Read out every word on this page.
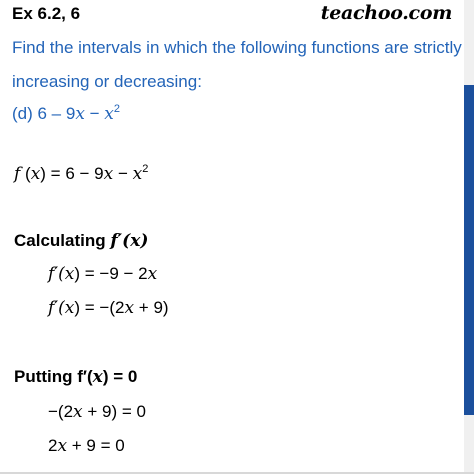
Ex 6.2, 6	teachoo.com
Find the intervals in which the following functions are strictly
increasing or decreasing:
(d) $6 - 9x - x^2$
f $(x) = 6 - 9x - x^2$
Calculating f′(x)
f′(x) = −9 − 2x
f′(x) = −(2x + 9)
Putting f′(x) = 0
−(2x + 9) = 0
2x + 9 = 0
